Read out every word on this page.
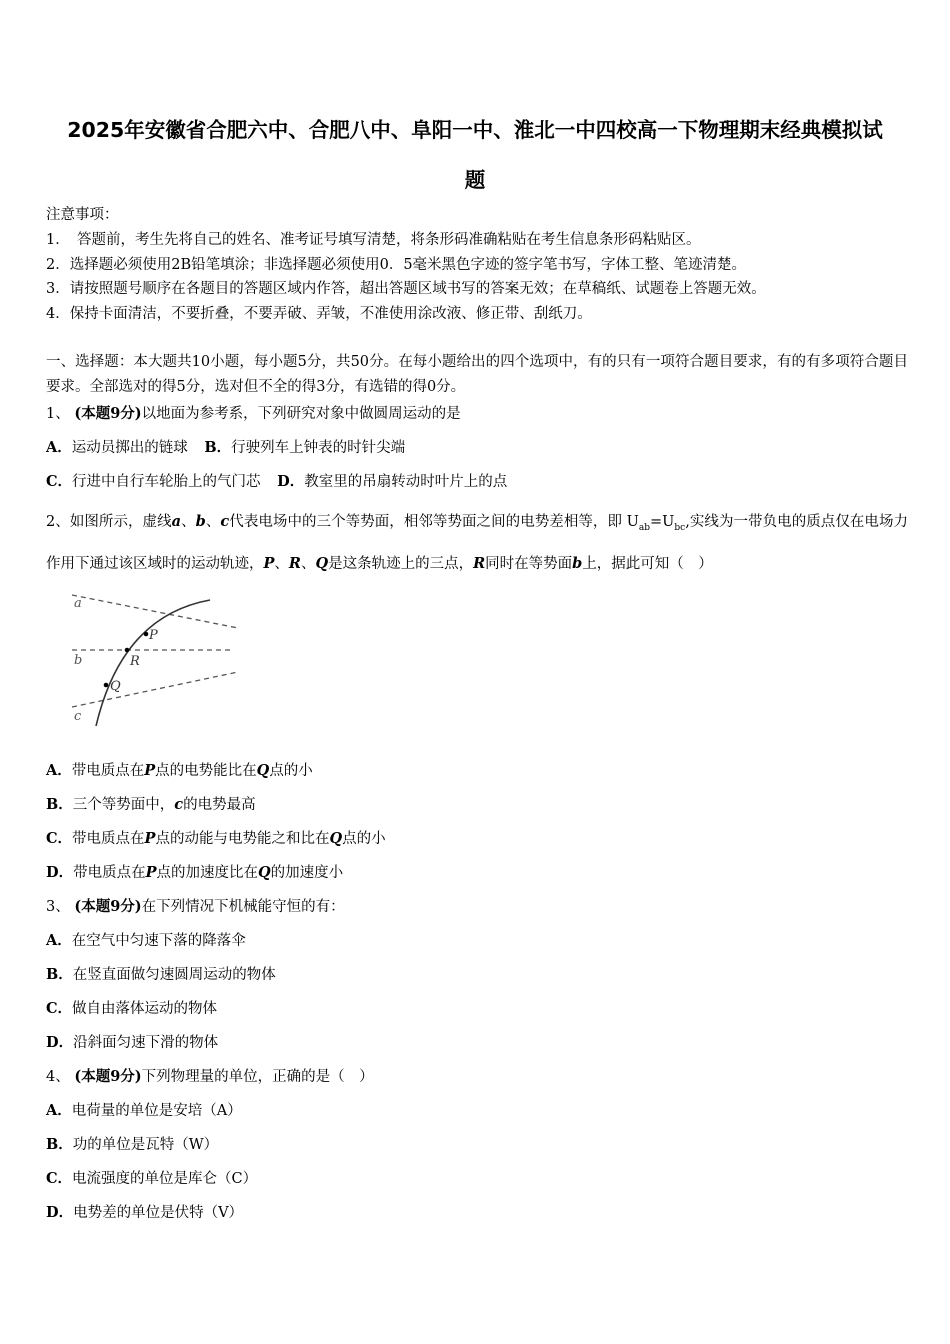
2025年安徽省合肥六中、合肥八中、阜阳一中、淮北一中四校高一下物理期末经典模拟试
题
注意事项：
1．　答题前，考生先将自己的姓名、准考证号填写清楚，将条形码准确粘贴在考生信息条形码粘贴区。
2．选择题必须使用2B铅笔填涂；非选择题必须使用0．5毫米黑色字迹的签字笔书写，字体工整、笔迹清楚。
3．请按照题号顺序在各题目的答题区域内作答，超出答题区域书写的答案无效；在草稿纸、试题卷上答题无效。
4．保持卡面清洁，不要折叠，不要弄破、弄皱，不准使用涂改液、修正带、刮纸刀。
一、选择题：本大题共10小题，每小题5分，共50分。在每小题给出的四个选项中，有的只有一项符合题目要求，有的有多项符合题目要求。全部选对的得5分，选对但不全的得3分，有选错的得0分。
1、 (本题9分)以地面为参考系，下列研究对象中做圆周运动的是
A．运动员掷出的链球 B．行驶列车上钟表的时针尖端
C．行进中自行车轮胎上的气门芯 D．教室里的吊扇转动时叶片上的点
2、如图所示，虚线a、b、c代表电场中的三个等势面，相邻等势面之间的电势差相等，即 $U_{ab}=U_{bc}$,实线为一带负电的质点仅在电场力作用下通过该区域时的运动轨迹，P、R、Q是这条轨迹上的三点，R同时在等势面b上，据此可知（　）
a
b
c
P
R
Q
A．带电质点在P点的电势能比在Q点的小
B．三个等势面中，c的电势最高
C．带电质点在P点的动能与电势能之和比在Q点的小
D．带电质点在P点的加速度比在Q的加速度小
3、 (本题9分)在下列情况下机械能守恒的有：
A．在空气中匀速下落的降落伞
B．在竖直面做匀速圆周运动的物体
C．做自由落体运动的物体
D．沿斜面匀速下滑的物体
4、 (本题9分)下列物理量的单位，正确的是（　）
A．电荷量的单位是安培（A）
B．功的单位是瓦特（W）
C．电流强度的单位是库仑（C）
D．电势差的单位是伏特（V）
